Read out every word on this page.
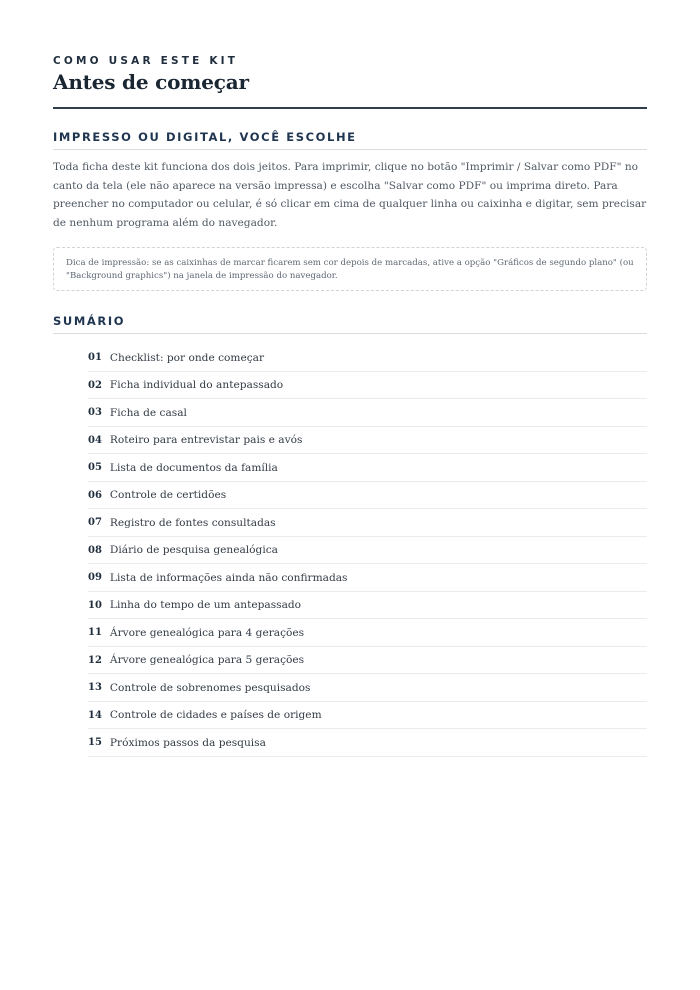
COMO USAR ESTE KIT
Antes de começar
IMPRESSO OU DIGITAL, VOCÊ ESCOLHE

Toda ficha deste kit funciona dos dois jeitos. Para imprimir, clique no botão "Imprimir / Salvar como PDF" no canto da tela (ele não aparece na versão impressa) e escolha "Salvar como PDF" ou imprima direto. Para preencher no computador ou celular, é só clicar em cima de qualquer linha ou caixinha e digitar, sem precisar de nenhum programa além do navegador.

Dica de impressão: se as caixinhas de marcar ficarem sem cor depois de marcadas, ative a opção "Gráficos de segundo plano" (ou "Background graphics") na janela de impressão do navegador.
SUMÁRIO
01 Checklist: por onde começar
02 Ficha individual do antepassado
03 Ficha de casal
04 Roteiro para entrevistar pais e avós
05 Lista de documentos da família
06 Controle de certidões
07 Registro de fontes consultadas
08 Diário de pesquisa genealógica
09 Lista de informações ainda não confirmadas
10 Linha do tempo de um antepassado
11 Árvore genealógica para 4 gerações
12 Árvore genealógica para 5 gerações
13 Controle de sobrenomes pesquisados
14 Controle de cidades e países de origem
15 Próximos passos da pesquisa
